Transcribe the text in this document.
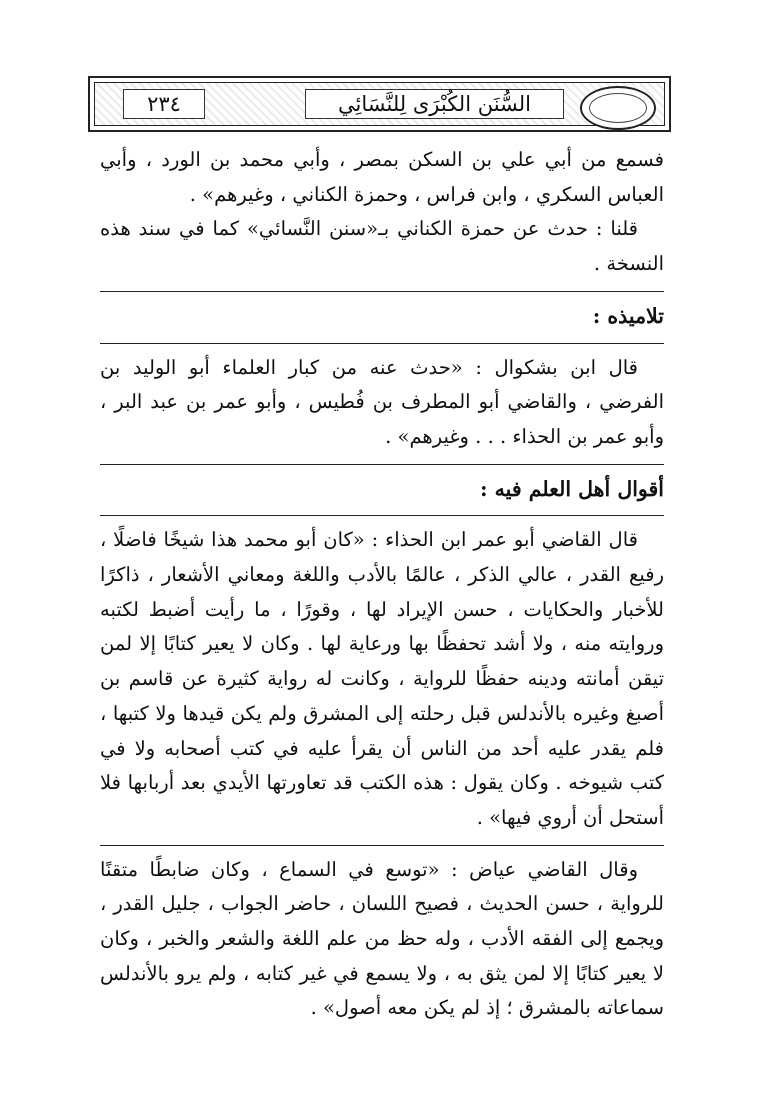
٢٣٤	السُّنَن الكُبْرَى لِلنَّسَائِي

فسمع من أبي علي بن السكن بمصر ، وأبي محمد بن الورد ، وأبي العباس السكري ، وابن فراس ، وحمزة الكناني ، وغيرهم» .

قلنا : حدث عن حمزة الكناني بـ«سنن النَّسائي» كما في سند هذه النسخة .

تلاميذه :

قال ابن بشكوال : «حدث عنه من كبار العلماء أبو الوليد بن الفرضي ، والقاضي أبو المطرف بن فُطيس ، وأبو عمر بن عبد البر ، وأبو عمر بن الحذاء . . . وغيرهم» .

أقوال أهل العلم فيه :

قال القاضي أبو عمر ابن الحذاء : «كان أبو محمد هذا شيخًا فاضلًا ، رفيع القدر ، عالي الذكر ، عالمًا بالأدب واللغة ومعاني الأشعار ، ذاكرًا للأخبار والحكايات ، حسن الإيراد لها ، وقورًا ، ما رأيت أضبط لكتبه وروايته منه ، ولا أشد تحفظًا بها ورعاية لها . وكان لا يعير كتابًا إلا لمن تيقن أمانته ودينه حفظًا للرواية ، وكانت له رواية كثيرة عن قاسم بن أصبغ وغيره بالأندلس قبل رحلته إلى المشرق ولم يكن قيدها ولا كتبها ، فلم يقدر عليه أحد من الناس أن يقرأ عليه في كتب أصحابه ولا في كتب شيوخه . وكان يقول : هذه الكتب قد تعاورتها الأيدي بعد أربابها فلا أستحل أن أروي فيها» .

وقال القاضي عياض : «توسع في السماع ، وكان ضابطًا متقنًا للرواية ، حسن الحديث ، فصيح اللسان ، حاضر الجواب ، جليل القدر ، ويجمع إلى الفقه الأدب ، وله حظ من علم اللغة والشعر والخبر ، وكان لا يعير كتابًا إلا لمن يثق به ، ولا يسمع في غير كتابه ، ولم يرو بالأندلس سماعاته بالمشرق ؛ إذ لم يكن معه أصول» .
